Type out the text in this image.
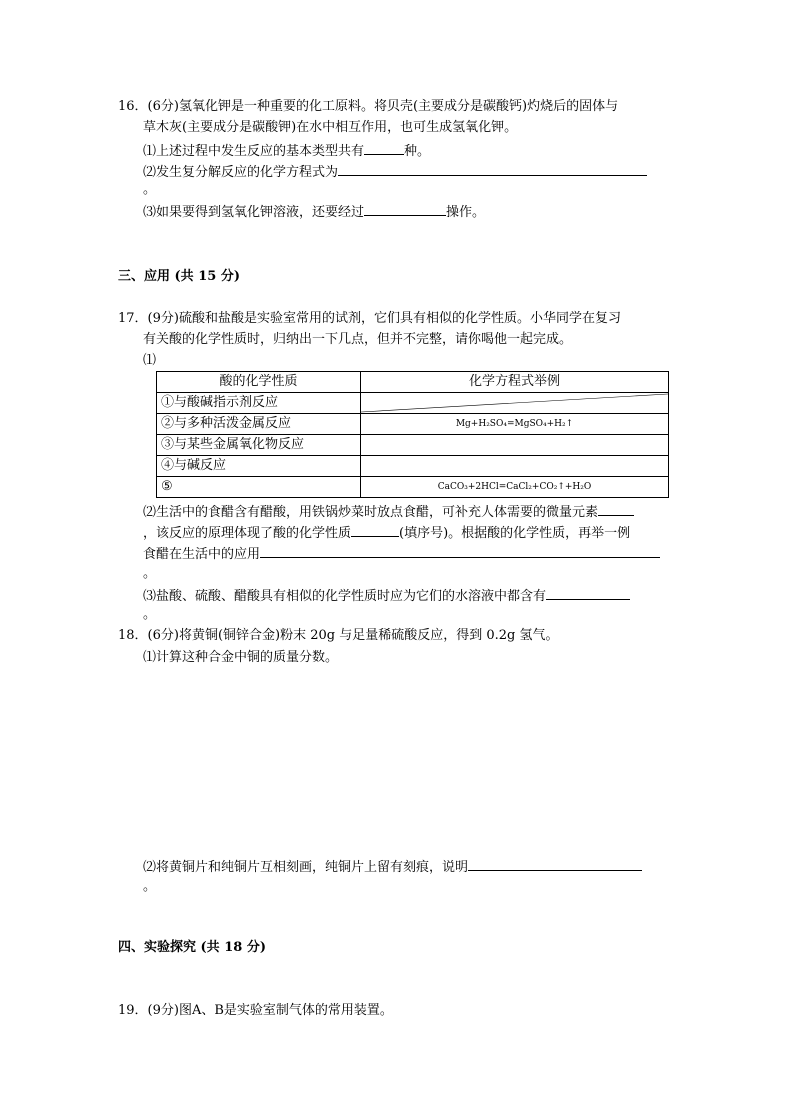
16．(6分)氢氧化钾是一种重要的化工原料。将贝壳(主要成分是碳酸钙)灼烧后的固体与
草木灰(主要成分是碳酸钾)在水中相互作用，也可生成氢氧化钾。
⑴上述过程中发生反应的基本类型共有	种。
⑵发生复分解反应的化学方程式为
。
⑶如果要得到氢氧化钾溶液，还要经过	操作。
三、应用 (共 15 分)
17．(9分)硫酸和盐酸是实验室常用的试剂，它们具有相似的化学性质。小华同学在复习
有关酸的化学性质时，归纳出一下几点，但并不完整，请你喝他一起完成。
⑴
酸的化学性质	化学方程式举例
①与酸碱指示剂反应	

②与多种活泼金属反应	Mg+H₂SO₄=MgSO₄+H₂↑
③与某些金属氧化物反应	
④与碱反应	
⑤	CaCO₃+2HCl=CaCl₂+CO₂↑+H₂O
⑵生活中的食醋含有醋酸，用铁锅炒菜时放点食醋，可补充人体需要的微量元素
，该反应的原理体现了酸的化学性质	(填序号)。根据酸的化学性质，再举一例
食醋在生活中的应用
。
⑶盐酸、硫酸、醋酸具有相似的化学性质时应为它们的水溶液中都含有
。
18．(6分)将黄铜(铜锌合金)粉末 20g 与足量稀硫酸反应，得到 0.2g 氢气。
⑴计算这种合金中铜的质量分数。
⑵将黄铜片和纯铜片互相刻画，纯铜片上留有刻痕，说明
。
四、实验探究 (共 18 分)
19．(9分)图A、B是实验室制气体的常用装置。
